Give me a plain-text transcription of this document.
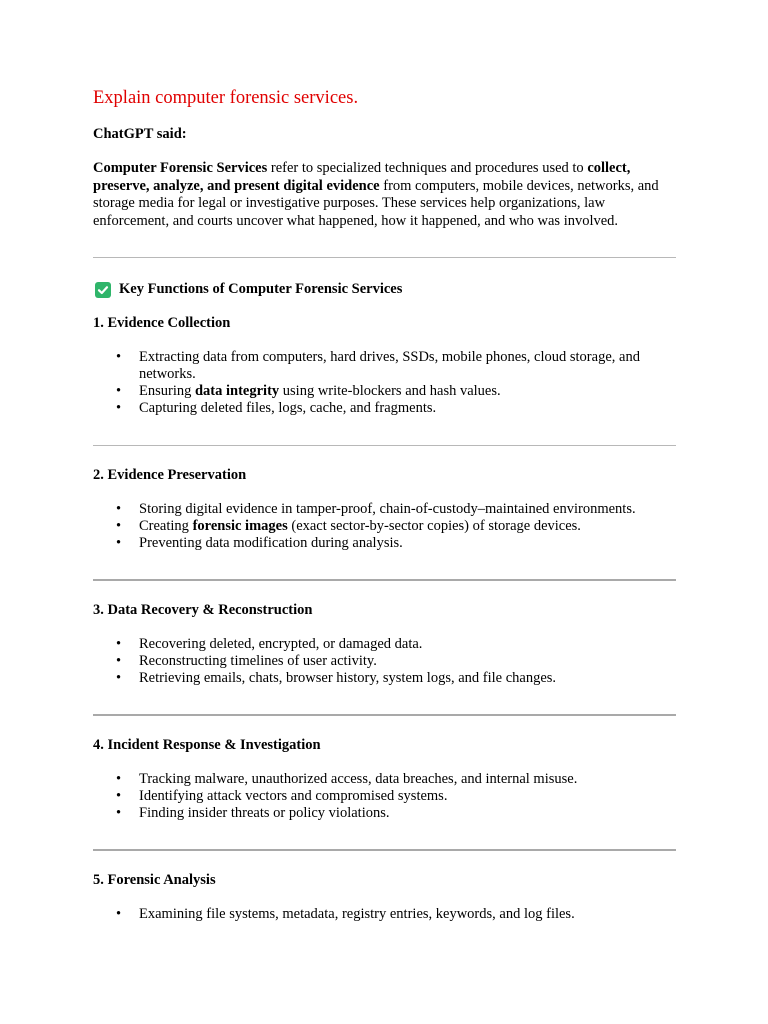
Explain computer forensic services.
ChatGPT said:

Computer Forensic Services refer to specialized techniques and procedures used to collect, preserve, analyze, and present digital evidence from computers, mobile devices, networks, and storage media for legal or investigative purposes. These services help organizations, law enforcement, and courts uncover what happened, how it happened, and who was involved.

Key Functions of Computer Forensic Services
1. Evidence Collection
• Extracting data from computers, hard drives, SSDs, mobile phones, cloud storage, and networks.
• Ensuring data integrity using write-blockers and hash values.
• Capturing deleted files, logs, cache, and fragments.
2. Evidence Preservation
• Storing digital evidence in tamper-proof, chain-of-custody–maintained environments.
• Creating forensic images (exact sector-by-sector copies) of storage devices.
• Preventing data modification during analysis.
3. Data Recovery & Reconstruction
• Recovering deleted, encrypted, or damaged data.
• Reconstructing timelines of user activity.
• Retrieving emails, chats, browser history, system logs, and file changes.
4. Incident Response & Investigation
• Tracking malware, unauthorized access, data breaches, and internal misuse.
• Identifying attack vectors and compromised systems.
• Finding insider threats or policy violations.
5. Forensic Analysis
• Examining file systems, metadata, registry entries, keywords, and log files.
